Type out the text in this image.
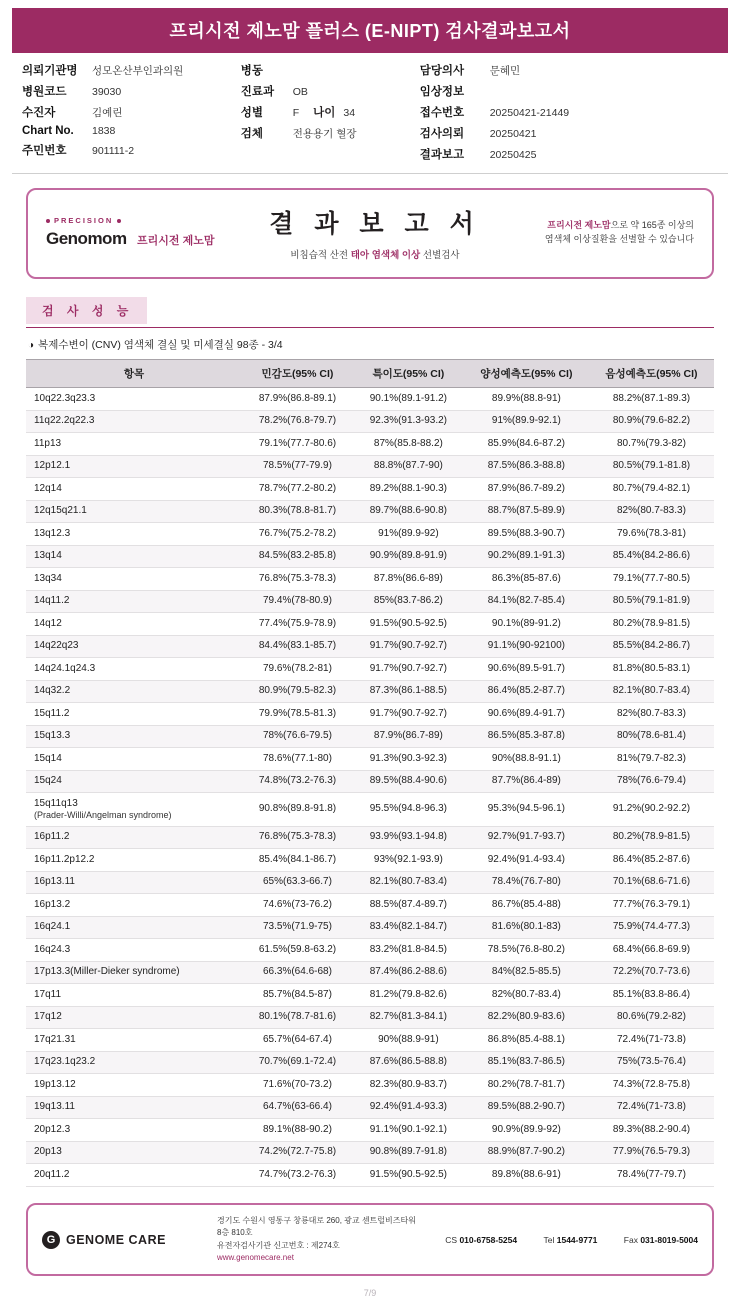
프리시전 제노맘 플러스 (E-NIPT) 검사결과보고서
의뢰기관명	성모온산부인과의원
병원코드	39030
수진자	김예린
Chart No.	1838
주민번호	901111-2
병동
진료과	OB
성별	F 나이 34
검체	전용용기 혈장
담당의사	문혜민
임상정보
접수번호	20250421-21449
검사의뢰	20250421
결과보고	20250425
PRECISION
Genomom 프리시전 제노맘
결 과 보 고 서
비침습적 산전 태아 염색체 이상 선별검사
프리시전 제노맘으로 약 165종 이상의
염색체 이상질환을 선별할 수 있습니다
검 사 성 능
◑ 복제수변이 (CNV) 염색체 결실 및 미세결실 98종 - 3/4
항목	민감도(95% CI)	특이도(95% CI)	양성예측도(95% CI)	음성예측도(95% CI)
10q22.3q23.3	87.9%(86.8-89.1)	90.1%(89.1-91.2)	89.9%(88.8-91)	88.2%(87.1-89.3)
11q22.2q22.3	78.2%(76.8-79.7)	92.3%(91.3-93.2)	91%(89.9-92.1)	80.9%(79.6-82.2)
11p13	79.1%(77.7-80.6)	87%(85.8-88.2)	85.9%(84.6-87.2)	80.7%(79.3-82)
12p12.1	78.5%(77-79.9)	88.8%(87.7-90)	87.5%(86.3-88.8)	80.5%(79.1-81.8)
12q14	78.7%(77.2-80.2)	89.2%(88.1-90.3)	87.9%(86.7-89.2)	80.7%(79.4-82.1)
12q15q21.1	80.3%(78.8-81.7)	89.7%(88.6-90.8)	88.7%(87.5-89.9)	82%(80.7-83.3)
13q12.3	76.7%(75.2-78.2)	91%(89.9-92)	89.5%(88.3-90.7)	79.6%(78.3-81)
13q14	84.5%(83.2-85.8)	90.9%(89.8-91.9)	90.2%(89.1-91.3)	85.4%(84.2-86.6)
13q34	76.8%(75.3-78.3)	87.8%(86.6-89)	86.3%(85-87.6)	79.1%(77.7-80.5)
14q11.2	79.4%(78-80.9)	85%(83.7-86.2)	84.1%(82.7-85.4)	80.5%(79.1-81.9)
14q12	77.4%(75.9-78.9)	91.5%(90.5-92.5)	90.1%(89-91.2)	80.2%(78.9-81.5)
14q22q23	84.4%(83.1-85.7)	91.7%(90.7-92.7)	91.1%(90-92100)	85.5%(84.2-86.7)
14q24.1q24.3	79.6%(78.2-81)	91.7%(90.7-92.7)	90.6%(89.5-91.7)	81.8%(80.5-83.1)
14q32.2	80.9%(79.5-82.3)	87.3%(86.1-88.5)	86.4%(85.2-87.7)	82.1%(80.7-83.4)
15q11.2	79.9%(78.5-81.3)	91.7%(90.7-92.7)	90.6%(89.4-91.7)	82%(80.7-83.3)
15q13.3	78%(76.6-79.5)	87.9%(86.7-89)	86.5%(85.3-87.8)	80%(78.6-81.4)
15q14	78.6%(77.1-80)	91.3%(90.3-92.3)	90%(88.8-91.1)	81%(79.7-82.3)
15q24	74.8%(73.2-76.3)	89.5%(88.4-90.6)	87.7%(86.4-89)	78%(76.6-79.4)
15q11q13
(Prader-Willi/Angelman syndrome)	90.8%(89.8-91.8)	95.5%(94.8-96.3)	95.3%(94.5-96.1)	91.2%(90.2-92.2)
16p11.2	76.8%(75.3-78.3)	93.9%(93.1-94.8)	92.7%(91.7-93.7)	80.2%(78.9-81.5)
16p11.2p12.2	85.4%(84.1-86.7)	93%(92.1-93.9)	92.4%(91.4-93.4)	86.4%(85.2-87.6)
16p13.11	65%(63.3-66.7)	82.1%(80.7-83.4)	78.4%(76.7-80)	70.1%(68.6-71.6)
16p13.2	74.6%(73-76.2)	88.5%(87.4-89.7)	86.7%(85.4-88)	77.7%(76.3-79.1)
16q24.1	73.5%(71.9-75)	83.4%(82.1-84.7)	81.6%(80.1-83)	75.9%(74.4-77.3)
16q24.3	61.5%(59.8-63.2)	83.2%(81.8-84.5)	78.5%(76.8-80.2)	68.4%(66.8-69.9)
17p13.3(Miller-Dieker syndrome)	66.3%(64.6-68)	87.4%(86.2-88.6)	84%(82.5-85.5)	72.2%(70.7-73.6)
17q11	85.7%(84.5-87)	81.2%(79.8-82.6)	82%(80.7-83.4)	85.1%(83.8-86.4)
17q12	80.1%(78.7-81.6)	82.7%(81.3-84.1)	82.2%(80.9-83.6)	80.6%(79.2-82)
17q21.31	65.7%(64-67.4)	90%(88.9-91)	86.8%(85.4-88.1)	72.4%(71-73.8)
17q23.1q23.2	70.7%(69.1-72.4)	87.6%(86.5-88.8)	85.1%(83.7-86.5)	75%(73.5-76.4)
19p13.12	71.6%(70-73.2)	82.3%(80.9-83.7)	80.2%(78.7-81.7)	74.3%(72.8-75.8)
19q13.11	64.7%(63-66.4)	92.4%(91.4-93.3)	89.5%(88.2-90.7)	72.4%(71-73.8)
20p12.3	89.1%(88-90.2)	91.1%(90.1-92.1)	90.9%(89.9-92)	89.3%(88.2-90.4)
20p13	74.2%(72.7-75.8)	90.8%(89.7-91.8)	88.9%(87.7-90.2)	77.9%(76.5-79.3)
20q11.2	74.7%(73.2-76.3)	91.5%(90.5-92.5)	89.8%(88.6-91)	78.4%(77-79.7)
G GENOME CARE
경기도 수원시 영통구 창룡대로 260, 광교 센트럴비즈타워 8층 810호
유전자검사기관 신고번호 : 제274호
www.genomecare.net
CS 010-6758-5254	Tel 1544-9771	Fax 031-8019-5004
7/9
